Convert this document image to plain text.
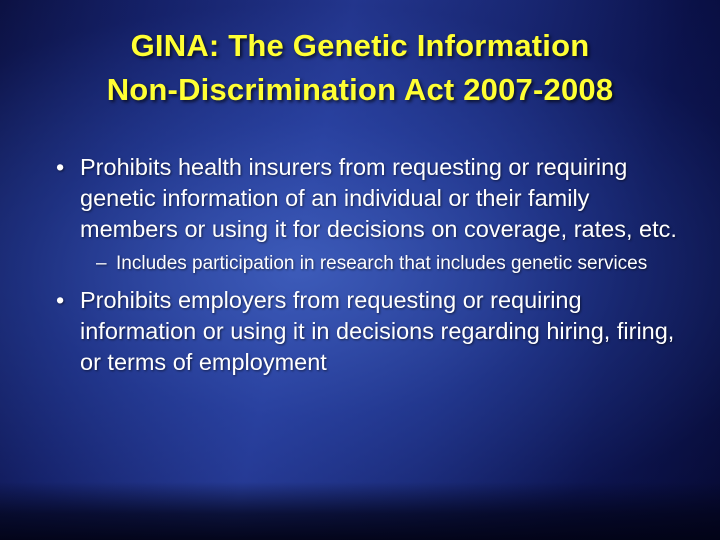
GINA: The Genetic Information
Non-Discrimination Act 2007-2008
• Prohibits health insurers from requesting or requiring genetic information of an individual or their family members or using it for decisions on coverage, rates, etc.
– Includes participation in research that includes genetic services
• Prohibits employers from requesting or requiring information or using it in decisions regarding hiring, firing, or terms of employment
